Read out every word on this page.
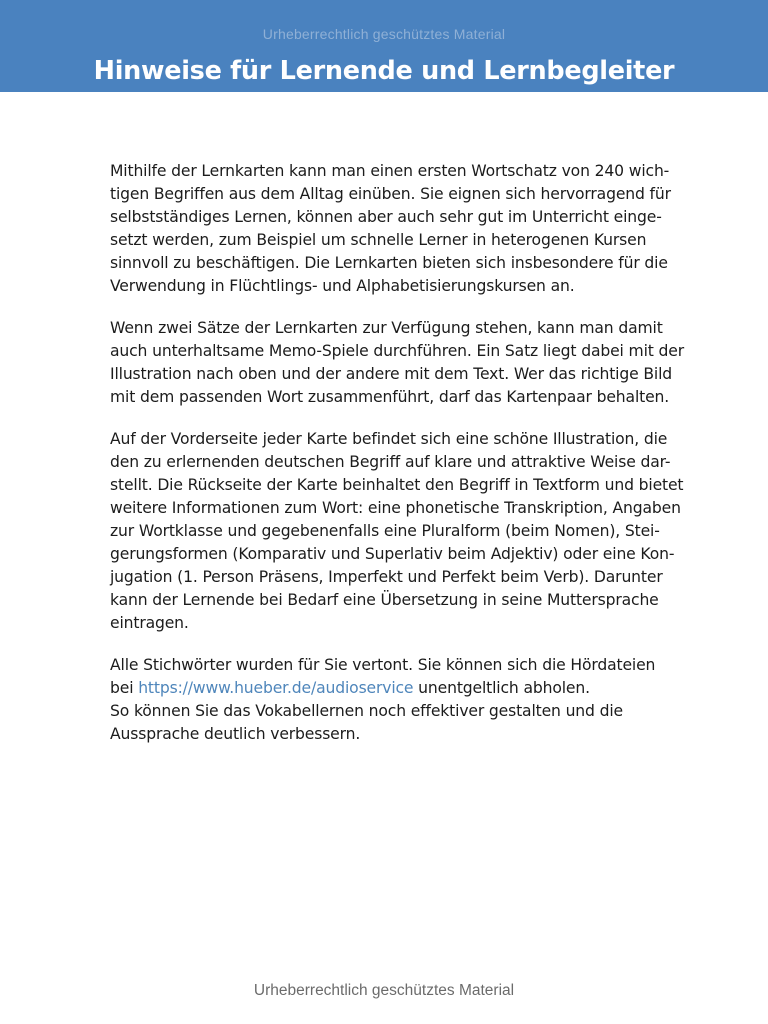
Urheberrechtlich geschütztes Material
Hinweise für Lernende und Lernbegleiter

Mithilfe der Lernkarten kann man einen ersten Wortschatz von 240 wich-
tigen Begriffen aus dem Alltag einüben. Sie eignen sich hervorragend für
selbstständiges Lernen, können aber auch sehr gut im Unterricht einge-
setzt werden, zum Beispiel um schnelle Lerner in heterogenen Kursen
sinnvoll zu beschäftigen. Die Lernkarten bieten sich insbesondere für die
Verwendung in Flüchtlings- und Alphabetisierungskursen an.

Wenn zwei Sätze der Lernkarten zur Verfügung stehen, kann man damit
auch unterhaltsame Memo-Spiele durchführen. Ein Satz liegt dabei mit der
Illustration nach oben und der andere mit dem Text. Wer das richtige Bild
mit dem passenden Wort zusammenführt, darf das Kartenpaar behalten.

Auf der Vorderseite jeder Karte befindet sich eine schöne Illustration, die
den zu erlernenden deutschen Begriff auf klare und attraktive Weise dar-
stellt. Die Rückseite der Karte beinhaltet den Begriff in Textform und bietet
weitere Informationen zum Wort: eine phonetische Transkription, Angaben
zur Wortklasse und gegebenenfalls eine Pluralform (beim Nomen), Stei-
gerungsformen (Komparativ und Superlativ beim Adjektiv) oder eine Kon-
jugation (1. Person Präsens, Imperfekt und Perfekt beim Verb). Darunter
kann der Lernende bei Bedarf eine Übersetzung in seine Muttersprache
eintragen.

Alle Stichwörter wurden für Sie vertont. Sie können sich die Hördateien
bei https://www.hueber.de/audioservice unentgeltlich abholen.
So können Sie das Vokabellernen noch effektiver gestalten und die
Aussprache deutlich verbessern.

Urheberrechtlich geschütztes Material
